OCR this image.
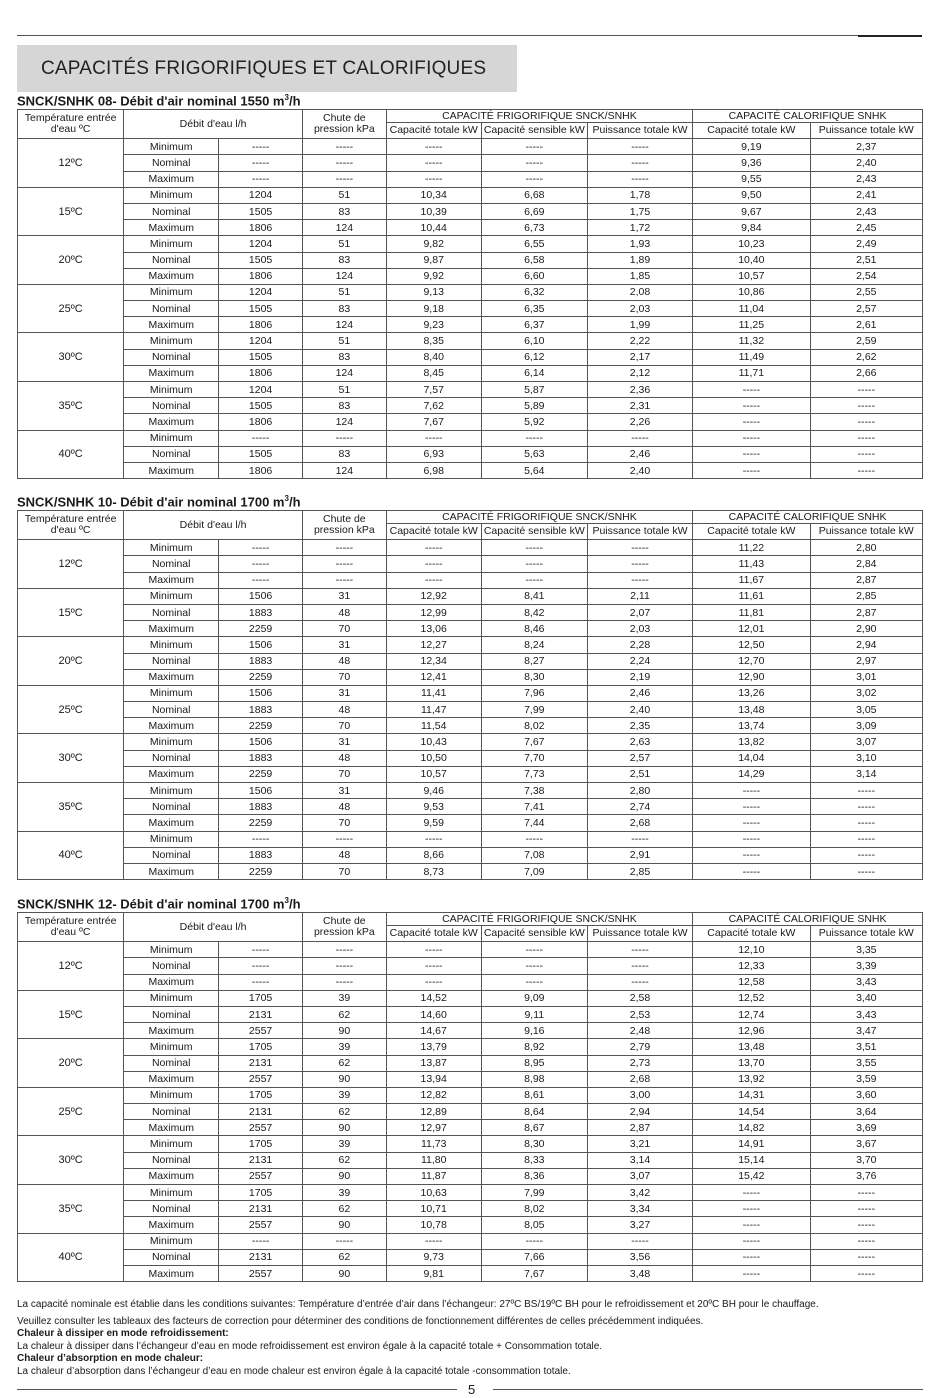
CAPACITÉS FRIGORIFIQUES ET CALORIFIQUES
SNCK/SNHK 08- Débit d'air nominal 1550 $m^3/h$
Température entrée d'eau ºC	Débit d'eau l/h		Chute de pression kPa	CAPACITÉ FRIGORIFIQUE SNCK/SNHK			CAPACITÉ CALORIFIQUE SNHK	
				Capacité totale kW	Capacité sensible kW	Puissance totale kW	Capacité totale kW	Puissance totale kW
12ºC	Minimum	-----	-----	-----	-----	-----	9,19	2,37
	Nominal	-----	-----	-----	-----	-----	9,36	2,40
	Maximum	-----	-----	-----	-----	-----	9,55	2,43
15ºC	Minimum	1204	51	10,34	6,68	1,78	9,50	2,41
	Nominal	1505	83	10,39	6,69	1,75	9,67	2,43
	Maximum	1806	124	10,44	6,73	1,72	9,84	2,45
20ºC	Minimum	1204	51	9,82	6,55	1,93	10,23	2,49
	Nominal	1505	83	9,87	6,58	1,89	10,40	2,51
	Maximum	1806	124	9,92	6,60	1,85	10,57	2,54
25ºC	Minimum	1204	51	9,13	6,32	2,08	10,86	2,55
	Nominal	1505	83	9,18	6,35	2,03	11,04	2,57
	Maximum	1806	124	9,23	6,37	1,99	11,25	2,61
30ºC	Minimum	1204	51	8,35	6,10	2,22	11,32	2,59
	Nominal	1505	83	8,40	6,12	2,17	11,49	2,62
	Maximum	1806	124	8,45	6,14	2,12	11,71	2,66
35ºC	Minimum	1204	51	7,57	5,87	2,36	-----	-----
	Nominal	1505	83	7,62	5,89	2,31	-----	-----
	Maximum	1806	124	7,67	5,92	2,26	-----	-----
40ºC	Minimum	-----	-----	-----	-----	-----	-----	-----
	Nominal	1505	83	6,93	5,63	2,46	-----	-----
	Maximum	1806	124	6,98	5,64	2,40	-----	-----
SNCK/SNHK 10- Débit d'air nominal 1700 $m^3/h$
Température entrée d'eau ºC	Débit d'eau l/h		Chute de pression kPa	CAPACITÉ FRIGORIFIQUE SNCK/SNHK			CAPACITÉ CALORIFIQUE SNHK	
				Capacité totale kW	Capacité sensible kW	Puissance totale kW	Capacité totale kW	Puissance totale kW
12ºC	Minimum	-----	-----	-----	-----	-----	11,22	2,80
	Nominal	-----	-----	-----	-----	-----	11,43	2,84
	Maximum	-----	-----	-----	-----	-----	11,67	2,87
15ºC	Minimum	1506	31	12,92	8,41	2,11	11,61	2,85
	Nominal	1883	48	12,99	8,42	2,07	11,81	2,87
	Maximum	2259	70	13,06	8,46	2,03	12,01	2,90
20ºC	Minimum	1506	31	12,27	8,24	2,28	12,50	2,94
	Nominal	1883	48	12,34	8,27	2,24	12,70	2,97
	Maximum	2259	70	12,41	8,30	2,19	12,90	3,01
25ºC	Minimum	1506	31	11,41	7,96	2,46	13,26	3,02
	Nominal	1883	48	11,47	7,99	2,40	13,48	3,05
	Maximum	2259	70	11,54	8,02	2,35	13,74	3,09
30ºC	Minimum	1506	31	10,43	7,67	2,63	13,82	3,07
	Nominal	1883	48	10,50	7,70	2,57	14,04	3,10
	Maximum	2259	70	10,57	7,73	2,51	14,29	3,14
35ºC	Minimum	1506	31	9,46	7,38	2,80	-----	-----
	Nominal	1883	48	9,53	7,41	2,74	-----	-----
	Maximum	2259	70	9,59	7,44	2,68	-----	-----
40ºC	Minimum	-----	-----	-----	-----	-----	-----	-----
	Nominal	1883	48	8,66	7,08	2,91	-----	-----
	Maximum	2259	70	8,73	7,09	2,85	-----	-----
SNCK/SNHK 12- Débit d'air nominal 1700 $m^3/h$
Température entrée d'eau ºC	Débit d'eau l/h		Chute de pression kPa	CAPACITÉ FRIGORIFIQUE SNCK/SNHK			CAPACITÉ CALORIFIQUE SNHK	
				Capacité totale kW	Capacité sensible kW	Puissance totale kW	Capacité totale kW	Puissance totale kW
12ºC	Minimum	-----	-----	-----	-----	-----	12,10	3,35
	Nominal	-----	-----	-----	-----	-----	12,33	3,39
	Maximum	-----	-----	-----	-----	-----	12,58	3,43
15ºC	Minimum	1705	39	14,52	9,09	2,58	12,52	3,40
	Nominal	2131	62	14,60	9,11	2,53	12,74	3,43
	Maximum	2557	90	14,67	9,16	2,48	12,96	3,47
20ºC	Minimum	1705	39	13,79	8,92	2,79	13,48	3,51
	Nominal	2131	62	13,87	8,95	2,73	13,70	3,55
	Maximum	2557	90	13,94	8,98	2,68	13,92	3,59
25ºC	Minimum	1705	39	12,82	8,61	3,00	14,31	3,60
	Nominal	2131	62	12,89	8,64	2,94	14,54	3,64
	Maximum	2557	90	12,97	8,67	2,87	14,82	3,69
30ºC	Minimum	1705	39	11,73	8,30	3,21	14,91	3,67
	Nominal	2131	62	11,80	8,33	3,14	15,14	3,70
	Maximum	2557	90	11,87	8,36	3,07	15,42	3,76
35ºC	Minimum	1705	39	10,63	7,99	3,42	-----	-----
	Nominal	2131	62	10,71	8,02	3,34	-----	-----
	Maximum	2557	90	10,78	8,05	3,27	-----	-----
40ºC	Minimum	-----	-----	-----	-----	-----	-----	-----
	Nominal	2131	62	9,73	7,66	3,56	-----	-----
	Maximum	2557	90	9,81	7,67	3,48	-----	-----

La capacité nominale est établie dans les conditions suivantes: Température d’entrée d’air dans l’échangeur: 27ºC BS/19ºC BH pour le refroidissement et 20ºC BH pour le chauffage.

Veuillez consulter les tableaux des facteurs de correction pour déterminer des conditions de fonctionnement différentes de celles précédemment indiquées.

Chaleur à dissiper en mode refroidissement:

La chaleur à dissiper dans l’échangeur d’eau en mode refroidissement est environ égale à la capacité totale + Consommation totale.

Chaleur d’absorption en mode chaleur:

La chaleur d’absorption dans l’échangeur d’eau en mode chaleur est environ égale à la capacité totale -consommation totale.

5
